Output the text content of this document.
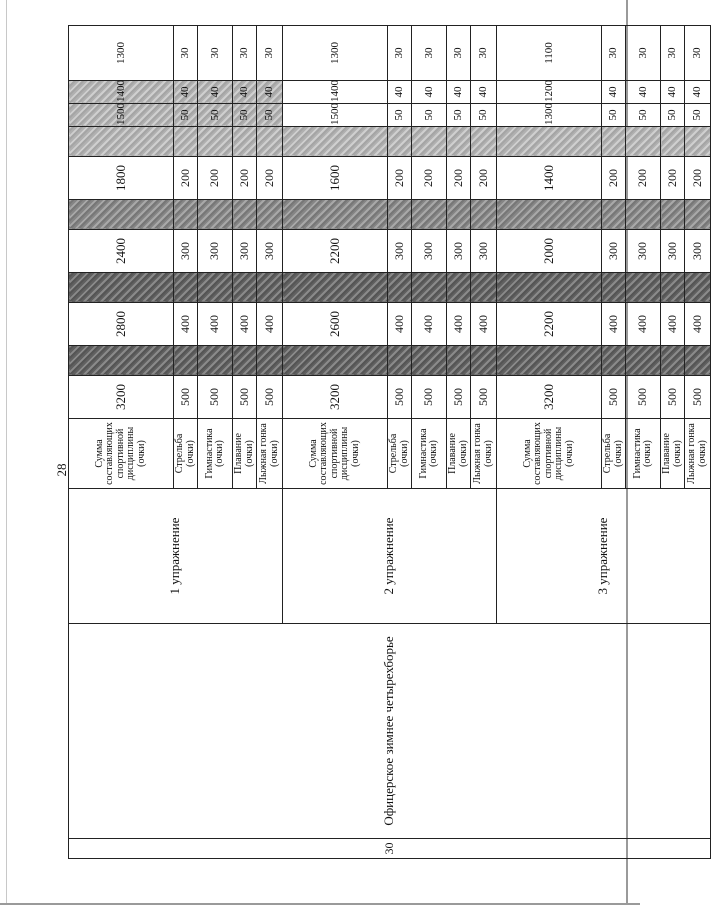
28
30	Офицерское зимнее четырехборье	1 упражнение	Сумма составляющих спортивной дисциплины (очки)	3200		2800		2400		1800		1500	1400	1300	
			Стрельба (очки)	500		400		300		200		50	40	30	
			Гимнастика (очки)	500		400		300		200		50	40	30	
			Плавание (очки)	500		400		300		200		50	40	30	
			Лыжная гонка (очки)	500		400		300		200		50	40	30	
		2 упражнение	Сумма составляющих спортивной дисциплины (очки)	3200		2600		2200		1600		1500	1400	1300	
			Стрельба (очки)	500		400		300		200		50	40	30	
			Гимнастика (очки)	500		400		300		200		50	40	30	
			Плавание (очки)	500		400		300		200		50	40	30	
			Лыжная гонка (очки)	500		400		300		200		50	40	30	
		3 упражнение	Сумма составляющих спортивной дисциплины (очки)	3200		2200		2000		1400		1300	1200	1100	
			Стрельба (очки)	500		400		300		200		50	40	30	
			Гимнастика (очки)	500		400		300		200		50	40	30	
			Плавание (очки)	500		400		300		200		50	40	30	
			Лыжная гонка (очки)	500		400		300		200		50	40	30	
